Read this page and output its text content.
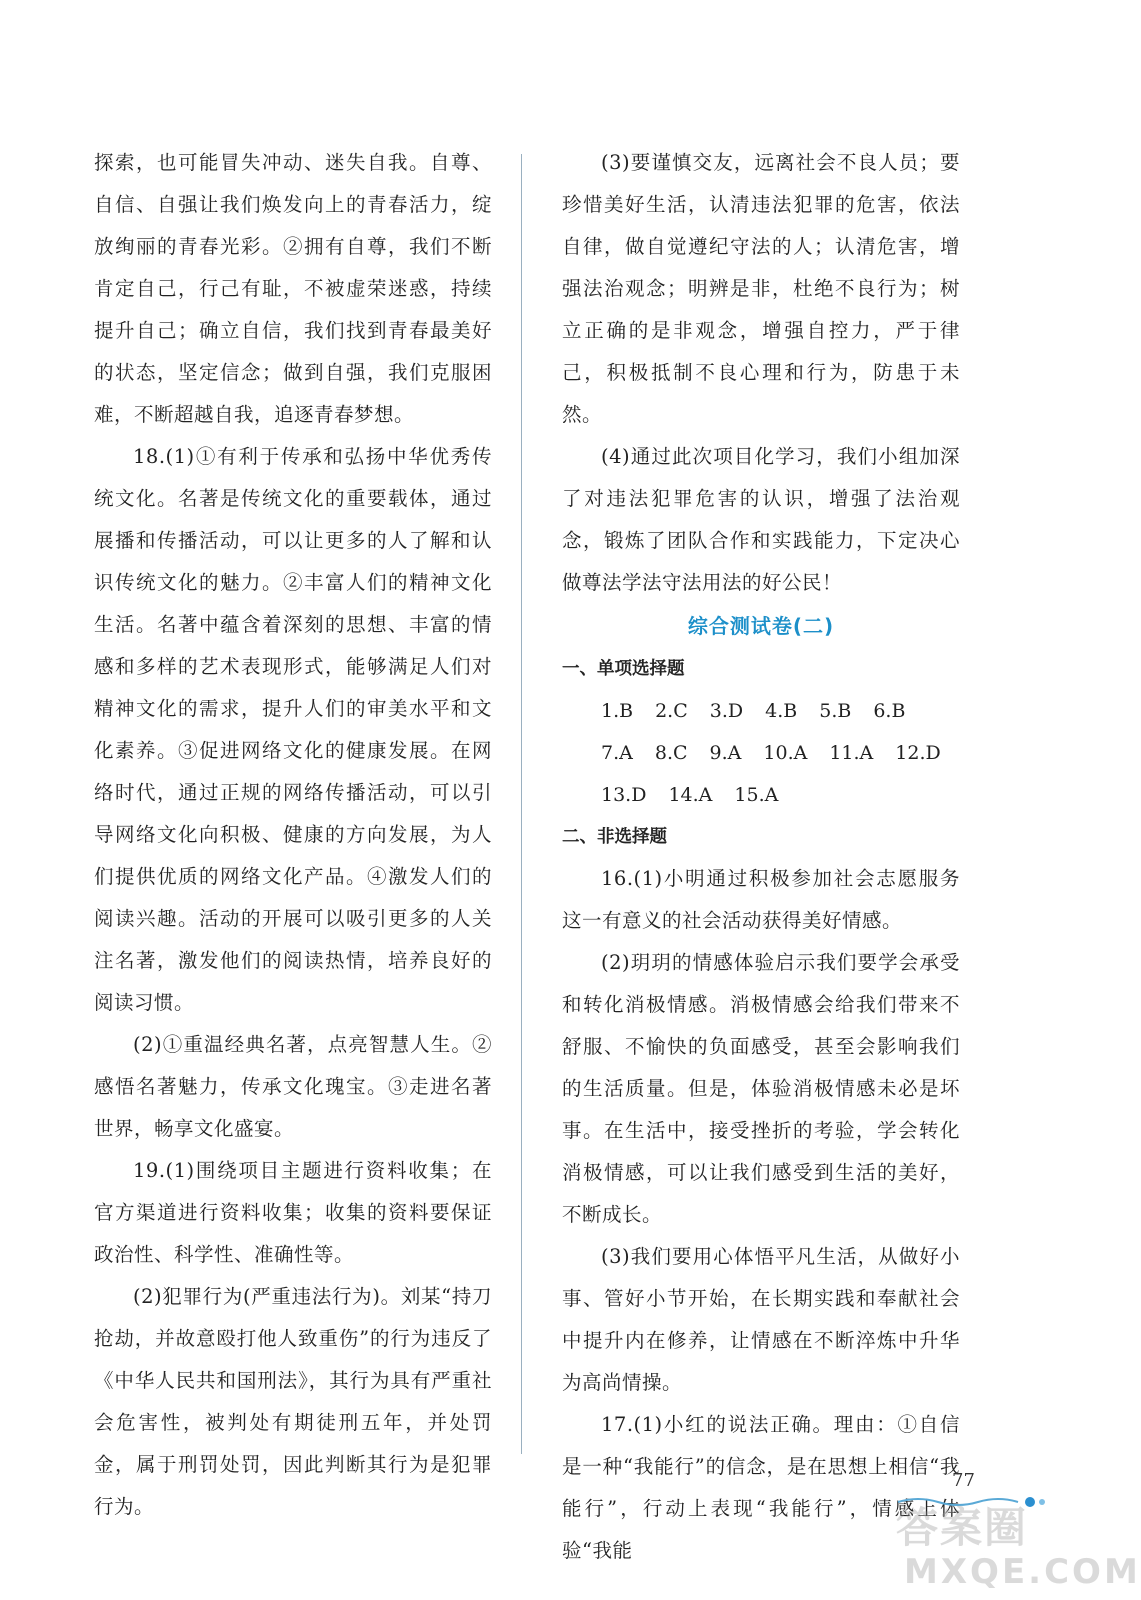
探索，也可能冒失冲动、迷失自我。自尊、自信、自强让我们焕发向上的青春活力，绽放绚丽的青春光彩。②拥有自尊，我们不断肯定自己，行己有耻，不被虚荣迷惑，持续提升自己；确立自信，我们找到青春最美好的状态，坚定信念；做到自强，我们克服困难，不断超越自我，追逐青春梦想。

18.(1)①有利于传承和弘扬中华优秀传统文化。名著是传统文化的重要载体，通过展播和传播活动，可以让更多的人了解和认识传统文化的魅力。②丰富人们的精神文化生活。名著中蕴含着深刻的思想、丰富的情感和多样的艺术表现形式，能够满足人们对精神文化的需求，提升人们的审美水平和文化素养。③促进网络文化的健康发展。在网络时代，通过正规的网络传播活动，可以引导网络文化向积极、健康的方向发展，为人们提供优质的网络文化产品。④激发人们的阅读兴趣。活动的开展可以吸引更多的人关注名著，激发他们的阅读热情，培养良好的阅读习惯。

(2)①重温经典名著，点亮智慧人生。②感悟名著魅力，传承文化瑰宝。③走进名著世界，畅享文化盛宴。

19.(1)围绕项目主题进行资料收集；在官方渠道进行资料收集；收集的资料要保证政治性、科学性、准确性等。

(2)犯罪行为(严重违法行为)。刘某“持刀抢劫，并故意殴打他人致重伤”的行为违反了《中华人民共和国刑法》，其行为具有严重社会危害性，被判处有期徒刑五年，并处罚金，属于刑罚处罚，因此判断其行为是犯罪行为。

(3)要谨慎交友，远离社会不良人员；要珍惜美好生活，认清违法犯罪的危害，依法自律，做自觉遵纪守法的人；认清危害，增强法治观念；明辨是非，杜绝不良行为；树立正确的是非观念，增强自控力，严于律己，积极抵制不良心理和行为，防患于未然。

(4)通过此次项目化学习，我们小组加深了对违法犯罪危害的认识，增强了法治观念，锻炼了团队合作和实践能力，下定决心做尊法学法守法用法的好公民！

综合测试卷(二)
一、单项选择题
1.B 2.C 3.D 4.B 5.B 6.B
7.A 8.C 9.A 10.A 11.A 12.D
13.D 14.A 15.A
二、非选择题

16.(1)小明通过积极参加社会志愿服务这一有意义的社会活动获得美好情感。

(2)玥玥的情感体验启示我们要学会承受和转化消极情感。消极情感会给我们带来不舒服、不愉快的负面感受，甚至会影响我们的生活质量。但是，体验消极情感未必是坏事。在生活中，接受挫折的考验，学会转化消极情感，可以让我们感受到生活的美好，不断成长。

(3)我们要用心体悟平凡生活，从做好小事、管好小节开始，在长期实践和奉献社会中提升内在修养，让情感在不断淬炼中升华为高尚情操。

17.(1)小红的说法正确。理由：①自信是一种“我能行”的信念，是在思想上相信“我能行”，行动上表现“我能行”，情感上体验“我能

77
答案圈
MXQE.COM
